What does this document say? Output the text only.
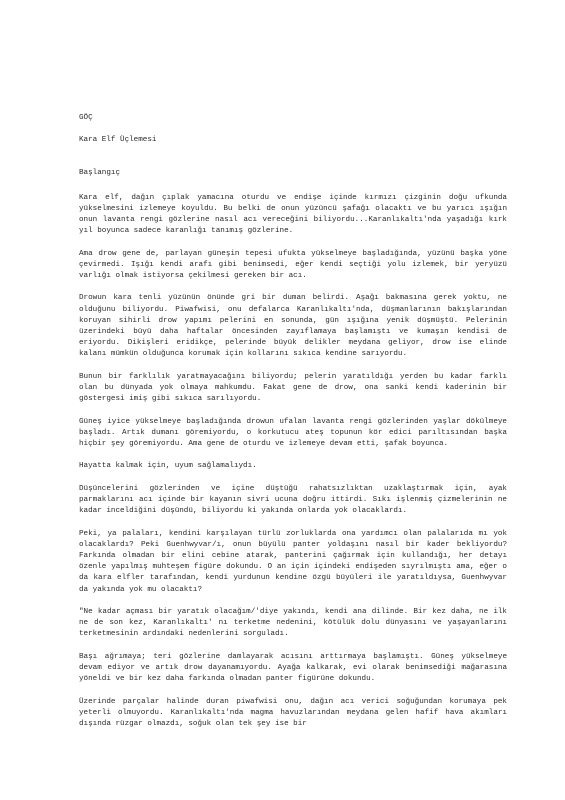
GÖÇ
Kara Elf Üçlemesi
Başlangıç

Kara elf, dağın çıplak yamacına oturdu ve endişe içinde kırmızı çizginin doğu ufkunda yükselmesini izlemeye koyuldu. Bu belki de onun yüzüncü şafağı olacaktı ve bu yarıcı ışığın onun lavanta rengi gözlerine nasıl acı vereceğini biliyordu...Karanlıkaltı'nda yaşadığı kırk yıl boyunca sadece karanlığı tanımış gözlerine.

Ama drow gene de, parlayan güneşin tepesi ufukta yükselmeye başladığında, yüzünü başka yöne çevirmedi. Işığı kendi arafı gibi benimsedi, eğer kendi seçtiği yolu izlemek, bir yeryüzü varlığı olmak istiyorsa çekilmesi gereken bir acı.

Drowun kara tenli yüzünün önünde gri bir duman belirdi. Aşağı bakmasına gerek yoktu, ne olduğunu biliyordu. Piwafwisi, onu defalarca Karanlıkaltı'nda, düşmanlarının bakışlarından koruyan sihirli drow yapımı pelerini en sonunda, gün ışığına yenik düşmüştü. Pelerinin üzerindeki büyü daha haftalar öncesinden zayıflamaya başlamıştı ve kumaşın kendisi de eriyordu. Dikişleri eridikçe, pelerinde büyük delikler meydana geliyor, drow ise elinde kalanı mümkün olduğunca korumak için kollarını sıkıca kendine sarıyordu.

Bunun bir farklılık yaratmayacağını biliyordu; pelerin yaratıldığı yerden bu kadar farklı olan bu dünyada yok olmaya mahkumdu. Fakat gene de drow, ona sanki kendi kaderinin bir göstergesi imiş gibi sıkıca sarılıyordu.

Güneş iyice yükselmeye başladığında drowun ufalan lavanta rengi gözlerinden yaşlar dökülmeye başladı. Artık dumanı göremiyordu, o korkutucu ateş topunun kör edici parıltısından başka hiçbir şey göremiyordu. Ama gene de oturdu ve izlemeye devam etti, şafak boyunca.

Hayatta kalmak için, uyum sağlamalıydı.

Düşüncelerini gözlerinden ve içine düştüğü rahatsızlıktan uzaklaştırmak için, ayak parmaklarını acı içinde bir kayanın sivri ucuna doğru ittirdi. Sıkı işlenmiş çizmelerinin ne kadar inceldiğini düşündü, biliyordu ki yakında onlarda yok olacaklardı.

Peki, ya palaları, kendini karşılayan türlü zorluklarda ona yardımcı olan palalarıda mı yok olacaklardı? Peki Guenhwyvar/ı, onun büyülü panter yoldaşını nasıl bir kader bekliyordu? Farkında olmadan bir elini cebine atarak, panterini çağırmak için kullandığı, her detayı özenle yapılmış muhteşem figüre dokundu. O an için içindeki endişeden sıyrılmıştı ama, eğer o da kara elfler tarafından, kendi yurdunun kendine özgü büyüleri ile yaratıldıysa, Guenhwyvar da yakında yok mu olacaktı?

"Ne kadar açması bir yaratık olacağım/'diye yakındı, kendi ana dilinde. Bir kez daha, ne ilk ne de son kez, Karanlıkaltı' nı terketme nedenini, kötülük dolu dünyasını ve yaşayanlarını terketmesinin ardındaki nedenlerini sorguladı.

Başı ağrımaya; teri gözlerine damlayarak acısını arttırmaya başlamıştı. Güneş yükselmeye devam ediyor ve artık drow dayanamıyordu. Ayağa kalkarak, evi olarak benimsediği mağarasına yöneldi ve bir kez daha farkında olmadan panter figürüne dokundu.

Üzerinde parçalar halinde duran piwafwisi onu, dağın acı verici soğuğundan korumaya pek yeterli olmuyordu. Karanlıkaltı'nda magma havuzlarından meydana gelen hafif hava akımları dışında rüzgar olmazdı, soğuk olan tek şey ise bir
